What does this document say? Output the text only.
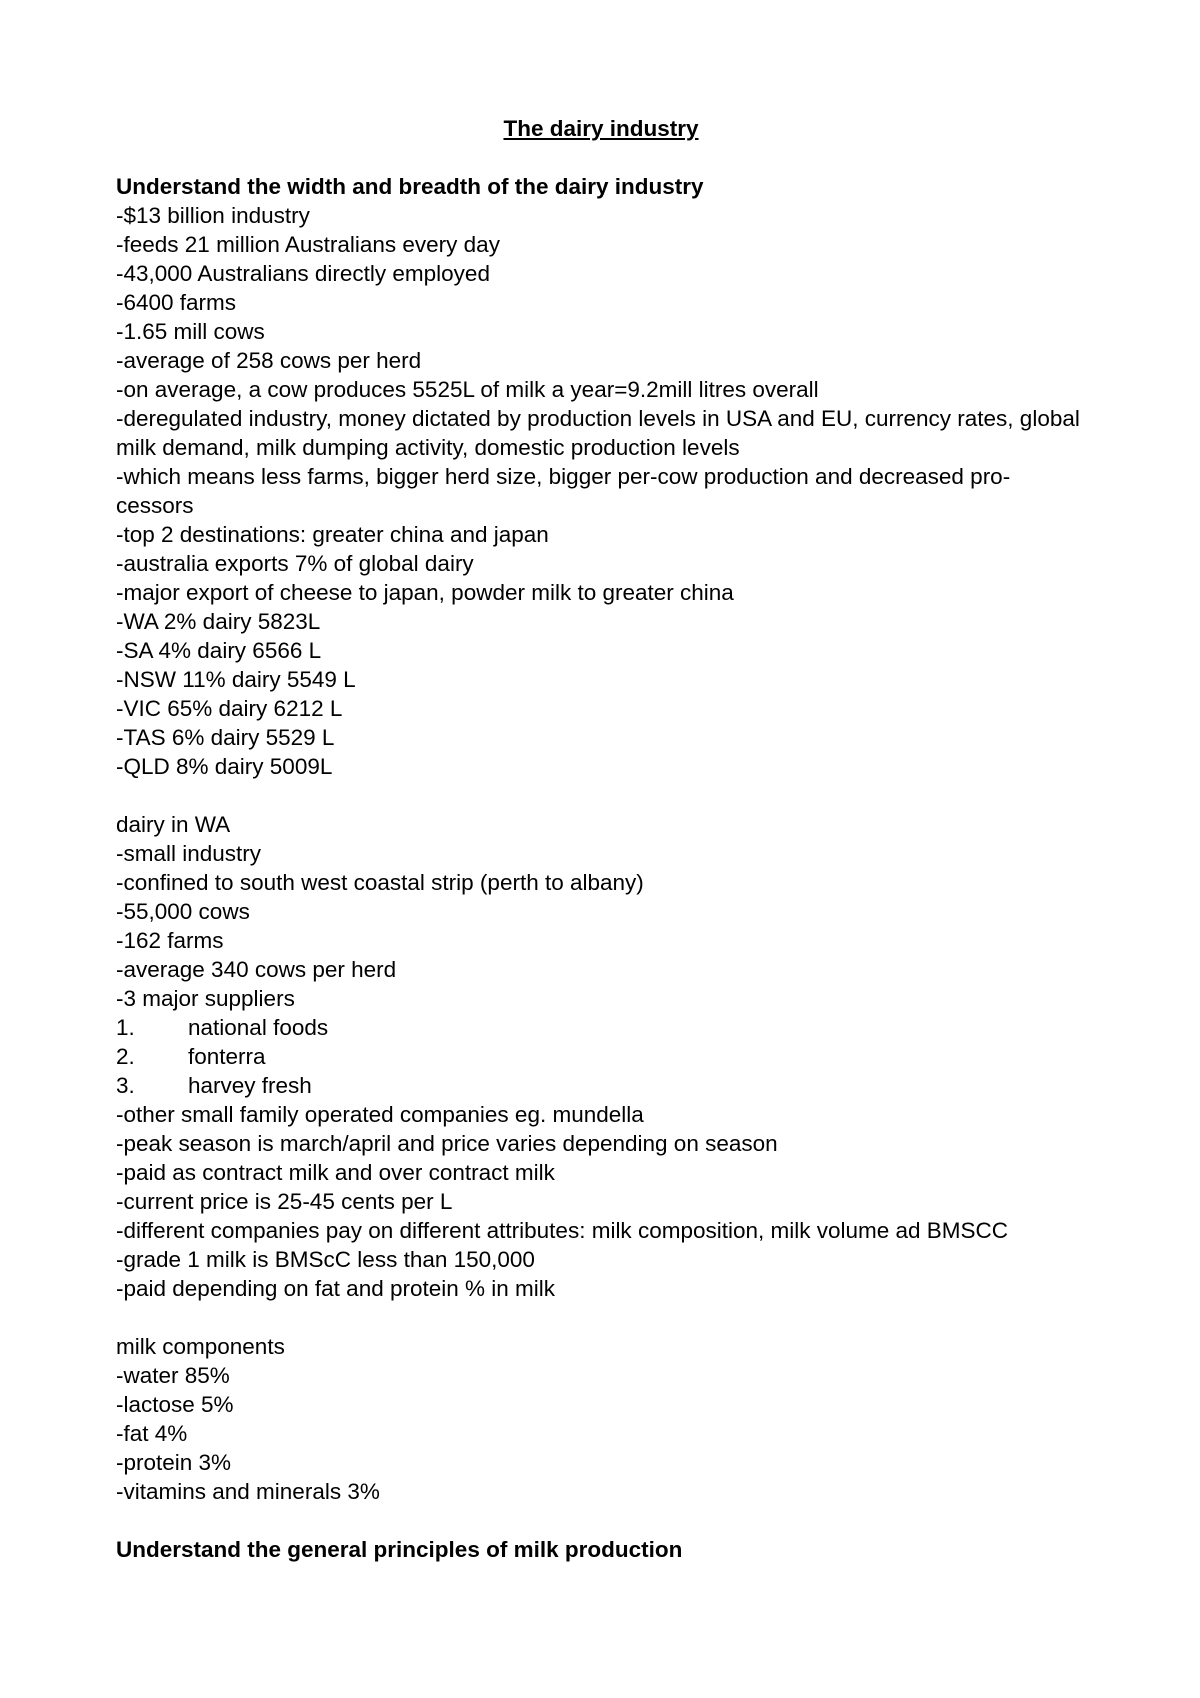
The dairy industry

Understand the width and breadth of the dairy industry

-$13 billion industry

-feeds 21 million Australians every day

-43,000 Australians directly employed

-6400 farms

-1.65 mill cows

-average of 258 cows per herd

-on average, a cow produces 5525L of milk a year=9.2mill litres overall

-deregulated industry, money dictated by production levels in USA and EU, currency rates, global milk demand, milk dumping activity, domestic production levels

-which means less farms, bigger herd size, bigger per-cow production and decreased pro-cessors

-top 2 destinations: greater china and japan

-australia exports 7% of global dairy

-major export of cheese to japan, powder milk to greater china

-WA 2% dairy 5823L

-SA 4% dairy 6566 L

-NSW 11% dairy 5549 L

-VIC 65% dairy 6212 L

-TAS 6% dairy 5529 L

-QLD 8% dairy 5009L

dairy in WA

-small industry

-confined to south west coastal strip (perth to albany)

-55,000 cows

-162 farms

-average 340 cows per herd

-3 major suppliers

1.	national foods
2.	fonterra
3.	harvey fresh

-other small family operated companies eg. mundella

-peak season is march/april and price varies depending on season

-paid as contract milk and over contract milk

-current price is 25-45 cents per L

-different companies pay on different attributes: milk composition, milk volume ad BMSCC

-grade 1 milk is BMScC less than 150,000

-paid depending on fat and protein % in milk

milk components

-water 85%

-lactose 5%

-fat 4%

-protein 3%

-vitamins and minerals 3%

Understand the general principles of milk production
